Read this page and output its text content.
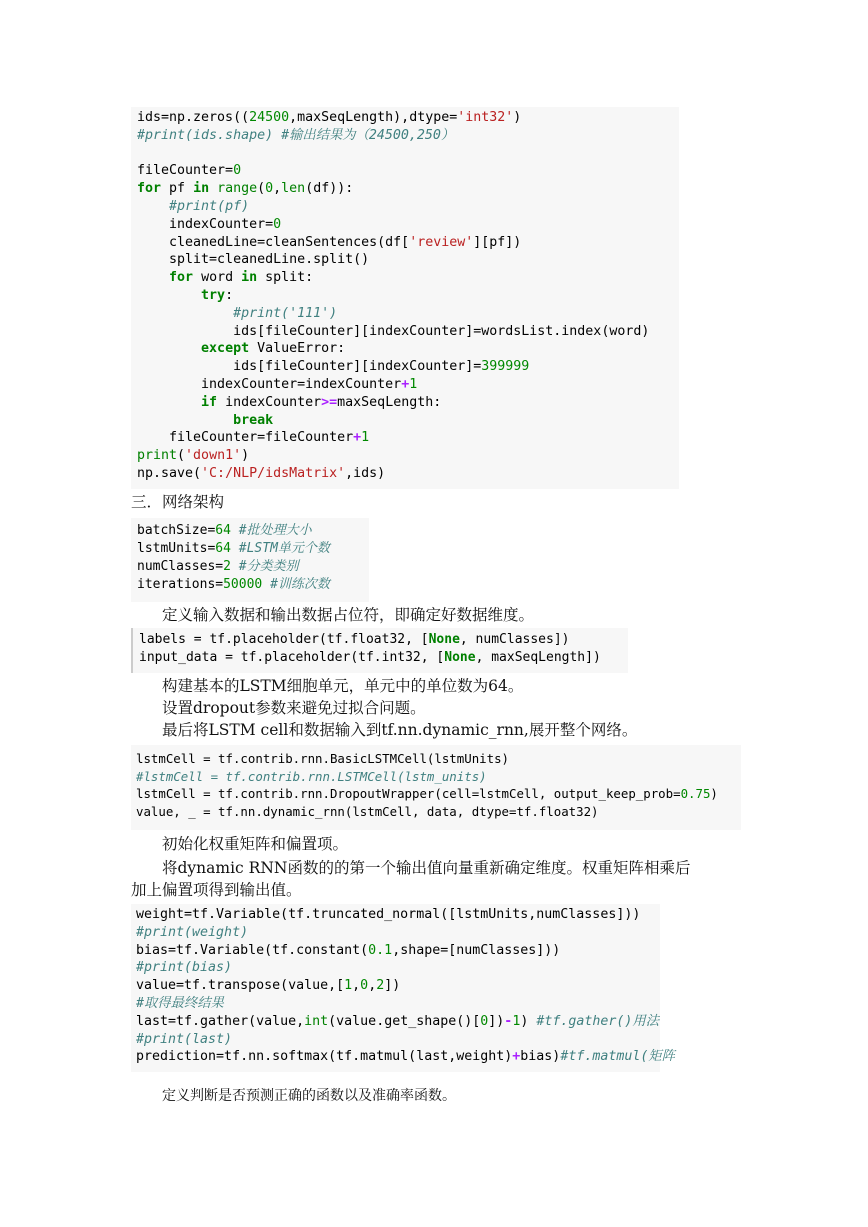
ids=np.zeros((24500,maxSeqLength),dtype='int32')
#print(ids.shape) #输出结果为（24500,250）

fileCounter=0
for pf in range(0,len(df)):
#print(pf)
indexCounter=0
cleanedLine=cleanSentences(df['review'][pf])
split=cleanedLine.split()
for word in split:
try:
#print('111')
ids[fileCounter][indexCounter]=wordsList.index(word)
except ValueError:
ids[fileCounter][indexCounter]=399999
indexCounter=indexCounter+1
if indexCounter>=maxSeqLength:
break
fileCounter=fileCounter+1
print('down1')
np.save('C:/NLP/idsMatrix',ids)
三．网络架构
batchSize=64 #批处理大小
lstmUnits=64 #LSTM单元个数
numClasses=2 #分类类别
iterations=50000 #训练次数
定义输入数据和输出数据占位符，即确定好数据维度。
labels = tf.placeholder(tf.float32, [None, numClasses])
input_data = tf.placeholder(tf.int32, [None, maxSeqLength])
构建基本的LSTM细胞单元，单元中的单位数为64。
设置dropout参数来避免过拟合问题。
最后将LSTM cell和数据输入到tf.nn.dynamic_rnn,展开整个网络。
lstmCell = tf.contrib.rnn.BasicLSTMCell(lstmUnits)
#lstmCell = tf.contrib.rnn.LSTMCell(lstm_units)
lstmCell = tf.contrib.rnn.DropoutWrapper(cell=lstmCell, output_keep_prob=0.75)
value, _ = tf.nn.dynamic_rnn(lstmCell, data, dtype=tf.float32)
初始化权重矩阵和偏置项。
将dynamic RNN函数的的第一个输出值向量重新确定维度。权重矩阵相乘后
加上偏置项得到输出值。
weight=tf.Variable(tf.truncated_normal([lstmUnits,numClasses]))
#print(weight)
bias=tf.Variable(tf.constant(0.1,shape=[numClasses]))
#print(bias)
value=tf.transpose(value,[1,0,2])
#取得最终结果
last=tf.gather(value,int(value.get_shape()[0])-1) #tf.gather()用法
#print(last)
prediction=tf.nn.softmax(tf.matmul(last,weight)+bias)#tf.matmul(矩阵
定义判断是否预测正确的函数以及准确率函数。
